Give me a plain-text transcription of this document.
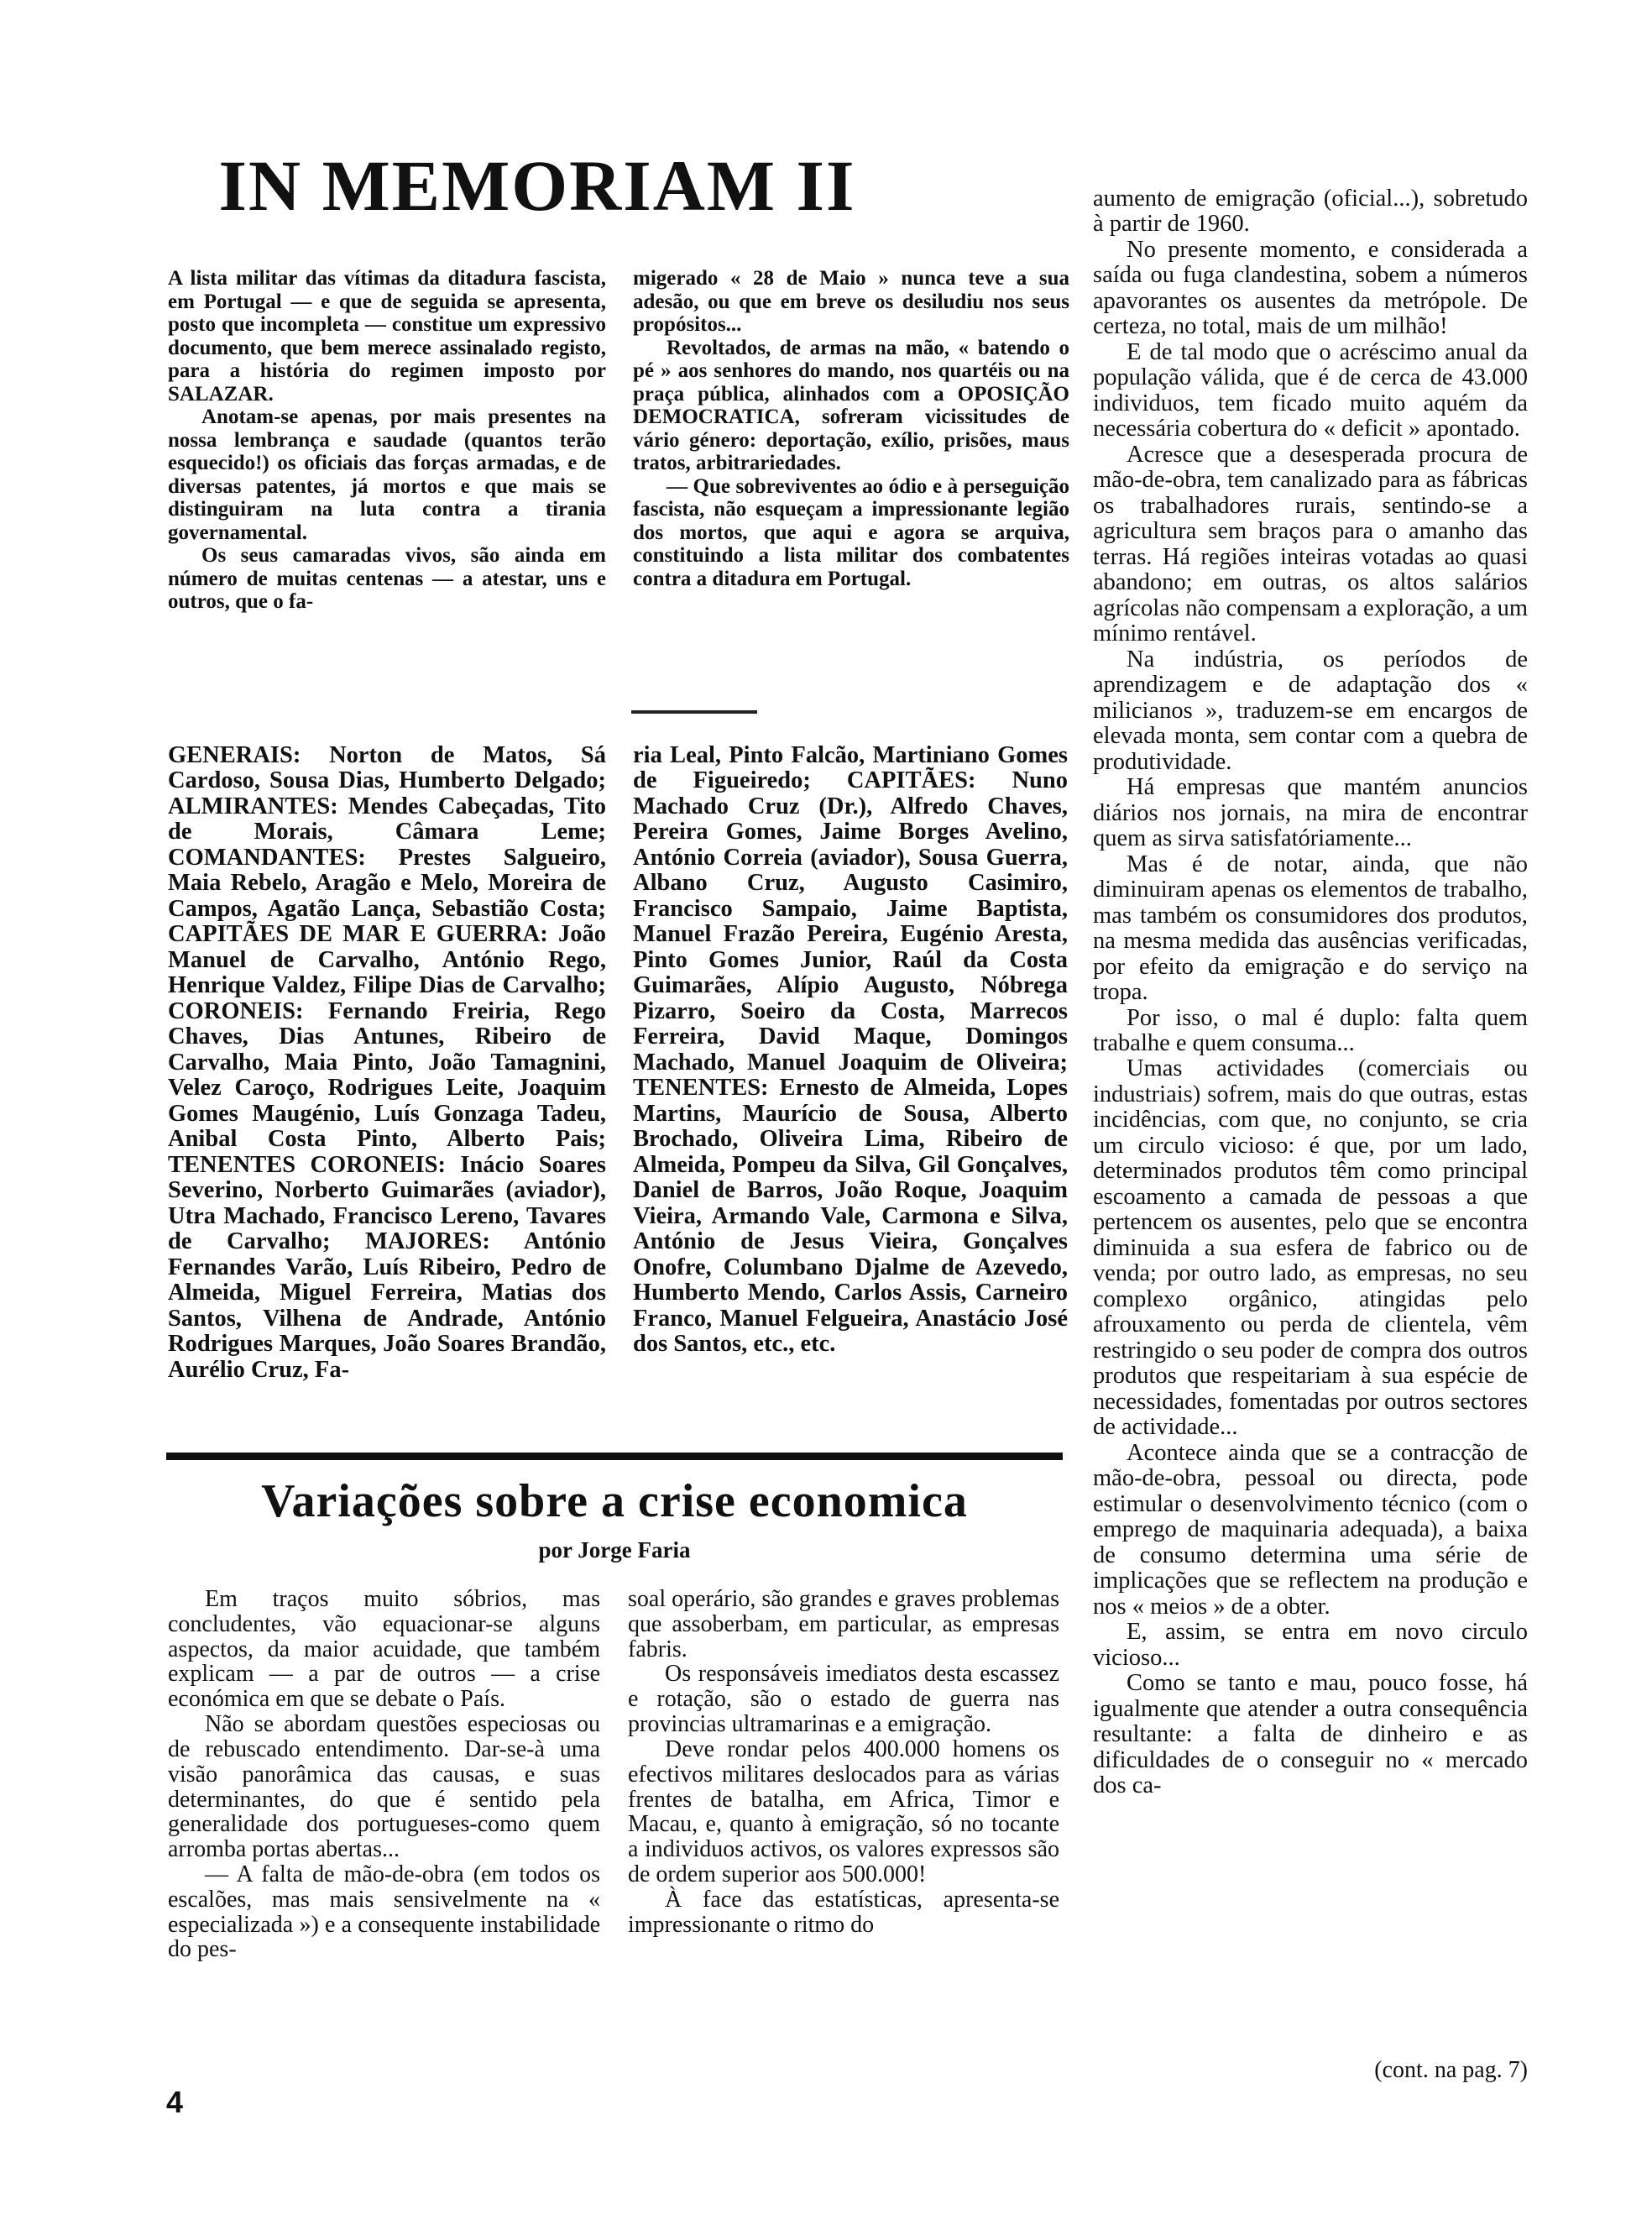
IN MEMORIAM II

A lista militar das vítimas da ditadura fascista, em Portugal — e que de seguida se apresenta, posto que incompleta — constitue um expressivo documento, que bem merece assinalado registo, para a história do regimen imposto por SALAZAR.

Anotam-se apenas, por mais presentes na nossa lembrança e saudade (quantos terão esquecido!) os oficiais das forças armadas, e de diversas patentes, já mortos e que mais se distinguiram na luta contra a tirania governamental.

Os seus camaradas vivos, são ainda em número de muitas centenas — a atestar, uns e outros, que o fa-

migerado « 28 de Maio » nunca teve a sua adesão, ou que em breve os desiludiu nos seus propósitos...

Revoltados, de armas na mão, « batendo o pé » aos senhores do mando, nos quartéis ou na praça pública, alinhados com a OPOSIÇÃO DEMOCRATICA, sofreram vicissitudes de vário género: deportação, exílio, prisões, maus tratos, arbitrariedades.

— Que sobreviventes ao ódio e à perseguição fascista, não esqueçam a impressionante legião dos mortos, que aqui e agora se arquiva, constituindo a lista militar dos combatentes contra a ditadura em Portugal.

GENERAIS: Norton de Matos, Sá Cardoso, Sousa Dias, Humberto Delgado; ALMIRANTES: Mendes Cabeçadas, Tito de Morais, Câmara Leme; COMANDANTES: Prestes Salgueiro, Maia Rebelo, Aragão e Melo, Moreira de Campos, Agatão Lança, Sebastião Costa; CAPITÃES DE MAR E GUERRA: João Manuel de Carvalho, António Rego, Henrique Valdez, Filipe Dias de Carvalho; CORONEIS: Fernando Freiria, Rego Chaves, Dias Antunes, Ribeiro de Carvalho, Maia Pinto, João Tamagnini, Velez Caroço, Rodrigues Leite, Joaquim Gomes Maugénio, Luís Gonzaga Tadeu, Anibal Costa Pinto, Alberto Pais; TENENTES CORONEIS: Inácio Soares Severino, Norberto Guimarães (aviador), Utra Machado, Francisco Lereno, Tavares de Carvalho; MAJORES: António Fernandes Varão, Luís Ribeiro, Pedro de Almeida, Miguel Ferreira, Matias dos Santos, Vilhena de Andrade, António Rodrigues Marques, João Soares Brandão, Aurélio Cruz, Fa-

ria Leal, Pinto Falcão, Martiniano Gomes de Figueiredo; CAPITÃES: Nuno Machado Cruz (Dr.), Alfredo Chaves, Pereira Gomes, Jaime Borges Avelino, António Correia (aviador), Sousa Guerra, Albano Cruz, Augusto Casimiro, Francisco Sampaio, Jaime Baptista, Manuel Frazão Pereira, Eugénio Aresta, Pinto Gomes Junior, Raúl da Costa Guimarães, Alípio Augusto, Nóbrega Pizarro, Soeiro da Costa, Marrecos Ferreira, David Maque, Domingos Machado, Manuel Joaquim de Oliveira; TENENTES: Ernesto de Almeida, Lopes Martins, Maurício de Sousa, Alberto Brochado, Oliveira Lima, Ribeiro de Almeida, Pompeu da Silva, Gil Gonçalves, Daniel de Barros, João Roque, Joaquim Vieira, Armando Vale, Carmona e Silva, António de Jesus Vieira, Gonçalves Onofre, Columbano Djalme de Azevedo, Humberto Mendo, Carlos Assis, Carneiro Franco, Manuel Felgueira, Anastácio José dos Santos, etc., etc.

Variações sobre a crise economicа
por Jorge Faria

Em traços muito sóbrios, mas concludentes, vão equacionar-se alguns aspectos, da maior acuidade, que também explicam — a par de outros — a crise económica em que se debate o País.

Não se abordam questões especiosas ou de rebuscado entendimento. Dar-se-à uma visão panorâmica das causas, e suas determinantes, do que é sentido pela generalidade dos portugueses-como quem arromba portas abertas...

— A falta de mão-de-obra (em todos os escalões, mas mais sensivelmente na « especializada ») e a consequente instabilidade do pes-

soal operário, são grandes e graves problemas que assoberbam, em particular, as empresas fabris.

Os responsáveis imediatos desta escassez e rotação, são o estado de guerra nas provincias ultramarinas e a emigração.

Deve rondar pelos 400.000 homens os efectivos militares deslocados para as várias frentes de batalha, em Africa, Timor e Macau, e, quanto à emigração, só no tocante a individuos activos, os valores expressos são de ordem superior aos 500.000!

À face das estatísticas, apresenta-se impressionante o ritmo do

aumento de emigração (oficial...), sobretudo à partir de 1960.

No presente momento, e considerada a saída ou fuga clandestina, sobem a números apavorantes os ausentes da metrópole. De certeza, no total, mais de um milhão!

E de tal modo que o acréscimo anual da população válida, que é de cerca de 43.000 individuos, tem ficado muito aquém da necessária cobertura do « deficit » apontado.

Acresce que a desesperada procura de mão-de-obra, tem canalizado para as fábricas os trabalhadores rurais, sentindo-se a agricultura sem braços para o amanho das terras. Há regiões inteiras votadas ao quasi abandono; em outras, os altos salários agrícolas não compensam a exploração, a um mínimo rentável.

Na indústria, os períodos de aprendizagem e de adaptação dos « milicianos », traduzem-se em encargos de elevada monta, sem contar com a quebra de produtividade.

Há empresas que mantém anuncios diários nos jornais, na mira de encontrar quem as sirva satisfatóriamente...

Mas é de notar, ainda, que não diminuiram apenas os elementos de trabalho, mas também os consumidores dos produtos, na mesma medida das ausências verificadas, por efeito da emigração e do serviço na tropa.

Por isso, o mal é duplo: falta quem trabalhe e quem consuma...

Umas actividades (comerciais ou industriais) sofrem, mais do que outras, estas incidências, com que, no conjunto, se cria um circulo vicioso: é que, por um lado, determinados produtos têm como principal escoamento a camada de pessoas a que pertencem os ausentes, pelo que se encontra diminuida a sua esfera de fabrico ou de venda; por outro lado, as empresas, no seu complexo orgânico, atingidas pelo afrouxamento ou perda de clientela, vêm restringido o seu poder de compra dos outros produtos que respeitariam à sua espécie de necessidades, fomentadas por outros sectores de actividade...

Acontece ainda que se a contracção de mão-de-obra, pessoal ou directa, pode estimular o desenvolvimento técnico (com o emprego de maquinaria adequada), a baixa de consumo determina uma série de implicações que se reflectem na produção e nos « meios » de a obter.

E, assim, se entra em novo circulo vicioso...

Como se tanto e mau, pouco fosse, há igualmente que atender a outra consequência resultante: a falta de dinheiro e as dificuldades de o conseguir no « mercado dos ca-

(cont. na pag. 7)
4
